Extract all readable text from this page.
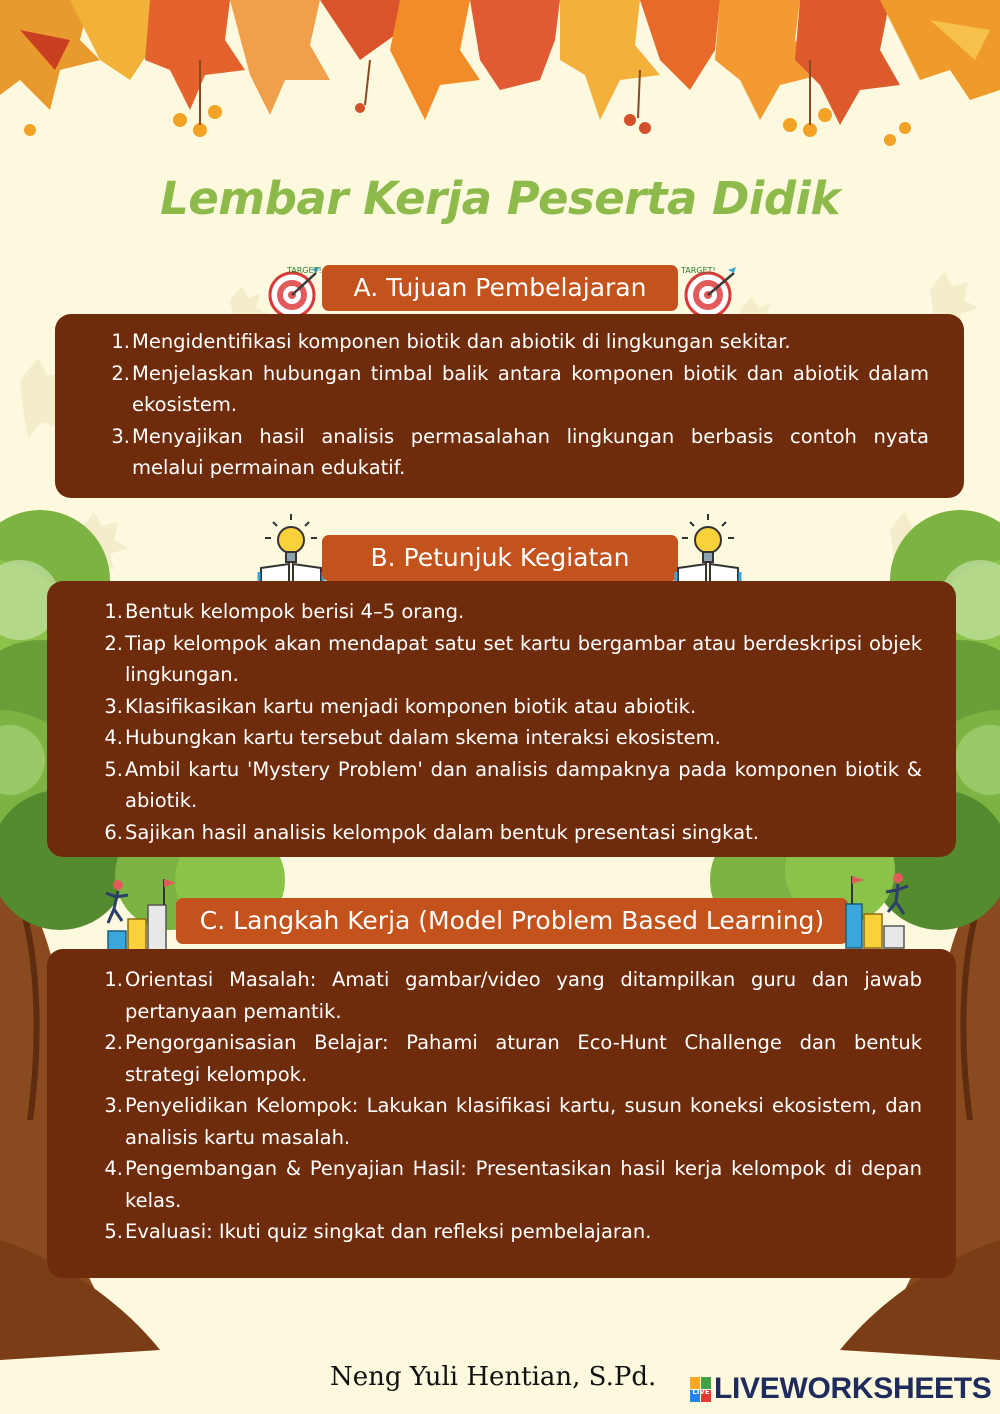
Lembar Kerja Peserta Didik
TARGET!
A. Tujuan Pembelajaran
TARGET!
1. Mengidentifikasi komponen biotik dan abiotik di lingkungan sekitar.
2. Menjelaskan hubungan timbal balik antara komponen biotik dan abiotik dalam ekosistem.
3. Menyajikan hasil analisis permasalahan lingkungan berbasis contoh nyata melalui permainan edukatif.
B. Petunjuk Kegiatan
1. Bentuk kelompok berisi 4–5 orang.
2. Tiap kelompok akan mendapat satu set kartu bergambar atau berdeskripsi objek lingkungan.
3. Klasifikasikan kartu menjadi komponen biotik atau abiotik.
4. Hubungkan kartu tersebut dalam skema interaksi ekosistem.
5. Ambil kartu 'Mystery Problem' dan analisis dampaknya pada komponen biotik & abiotik.
6. Sajikan hasil analisis kelompok dalam bentuk presentasi singkat.
C. Langkah Kerja (Model Problem Based Learning)
1. Orientasi Masalah: Amati gambar/video yang ditampilkan guru dan jawab pertanyaan pemantik.
2. Pengorganisasian Belajar: Pahami aturan Eco-Hunt Challenge dan bentuk strategi kelompok.
3. Penyelidikan Kelompok: Lakukan klasifikasi kartu, susun koneksi ekosistem, dan analisis kartu masalah.
4. Pengembangan & Penyajian Hasil: Presentasikan hasil kerja kelompok di depan kelas.
5. Evaluasi: Ikuti quiz singkat dan refleksi pembelajaran.
Neng Yuli Hentian, S.Pd.	LIVE LIVEWORKSHEETS
